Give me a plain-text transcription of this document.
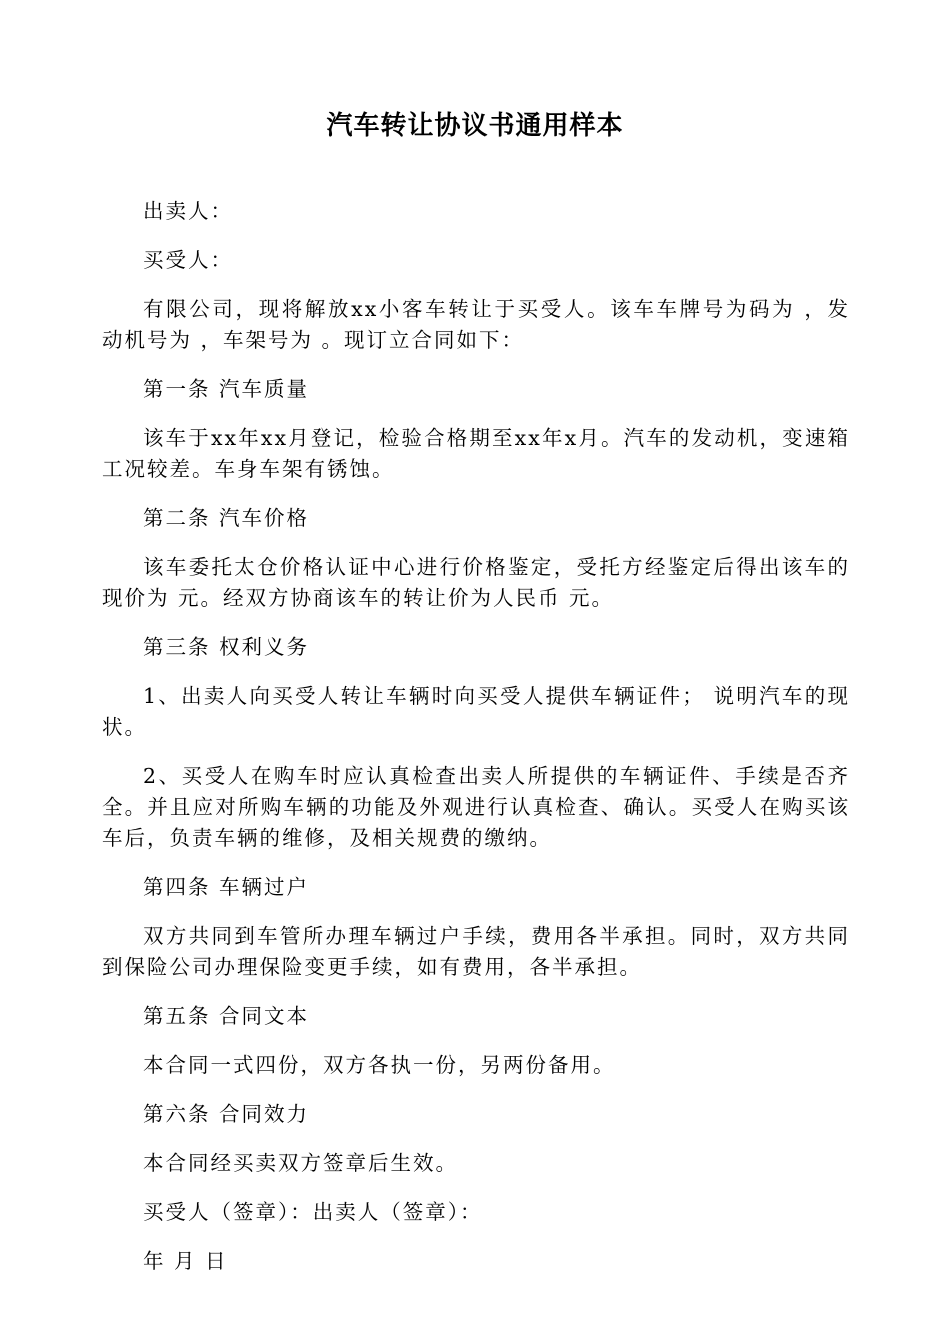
汽车转让协议书通用样本

出卖人：

买受人：

有限公司，现将解放xx小客车转让于买受人。该车车牌号为码为 ，发动机号为 ，车架号为 。现订立合同如下：

第一条 汽车质量

该车于xx年xx月登记，检验合格期至xx年x月。汽车的发动机，变速箱工况较差。车身车架有锈蚀。

第二条 汽车价格

该车委托太仓价格认证中心进行价格鉴定，受托方经鉴定后得出该车的现价为 元。经双方协商该车的转让价为人民币 元。

第三条 权利义务

1、出卖人向买受人转让车辆时向买受人提供车辆证件； 说明汽车的现状。

2、买受人在购车时应认真检查出卖人所提供的车辆证件、手续是否齐全。并且应对所购车辆的功能及外观进行认真检查、确认。买受人在购买该车后，负责车辆的维修，及相关规费的缴纳。

第四条 车辆过户

双方共同到车管所办理车辆过户手续，费用各半承担。同时，双方共同到保险公司办理保险变更手续，如有费用，各半承担。

第五条 合同文本

本合同一式四份，双方各执一份，另两份备用。

第六条 合同效力

本合同经买卖双方签章后生效。

买受人（签章）：出卖人（签章）：

年 月 日
